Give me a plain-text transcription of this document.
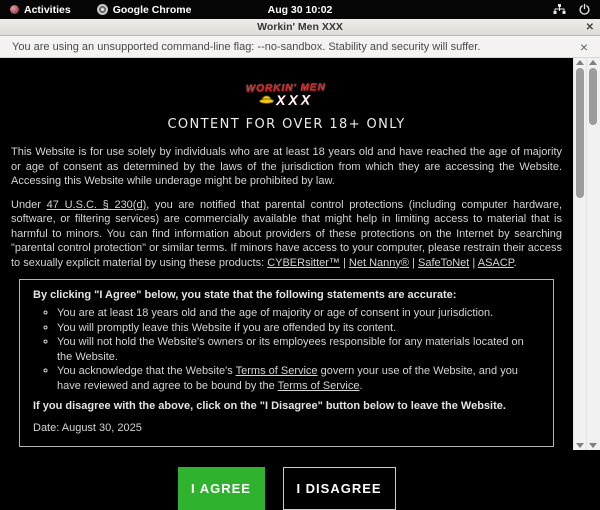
Activities	Google Chrome	Aug 30 10:02
Workin' Men XXX	✕
You are using an unsupported command-line flag: --no-sandbox. Stability and security will suffer.	×
WORKIN' MEN
XXX
CONTENT FOR OVER 18+ ONLY

This Website is for use solely by individuals who are at least 18 years old and have reached the age of majority or age of consent as determined by the laws of the jurisdiction from which they are accessing the Website. Accessing this Website while underage might be prohibited by law.

Under 47 U.S.C. § 230(d), you are notified that parental control protections (including computer hardware, software, or filtering services) are commercially available that might help in limiting access to material that is harmful to minors. You can find information about providers of these protections on the Internet by searching "parental control protection" or similar terms. If minors have access to your computer, please restrain their access to sexually explicit material by using these products: CYBERsitter™ | Net Nanny® | SafeToNet | ASACP.

By clicking "I Agree" below, you state that the following statements are accurate:
◦ You are at least 18 years old and the age of majority or age of consent in your jurisdiction.
◦ You will promptly leave this Website if you are offended by its content.
◦ You will not hold the Website's owners or its employees responsible for any materials located on the Website.
◦ You acknowledge that the Website's Terms of Service govern your use of the Website, and you have reviewed and agree to be bound by the Terms of Service.
If you disagree with the above, click on the "I Disagree" button below to leave the Website.
Date: August 30, 2025
I AGREE	I DISAGREE
